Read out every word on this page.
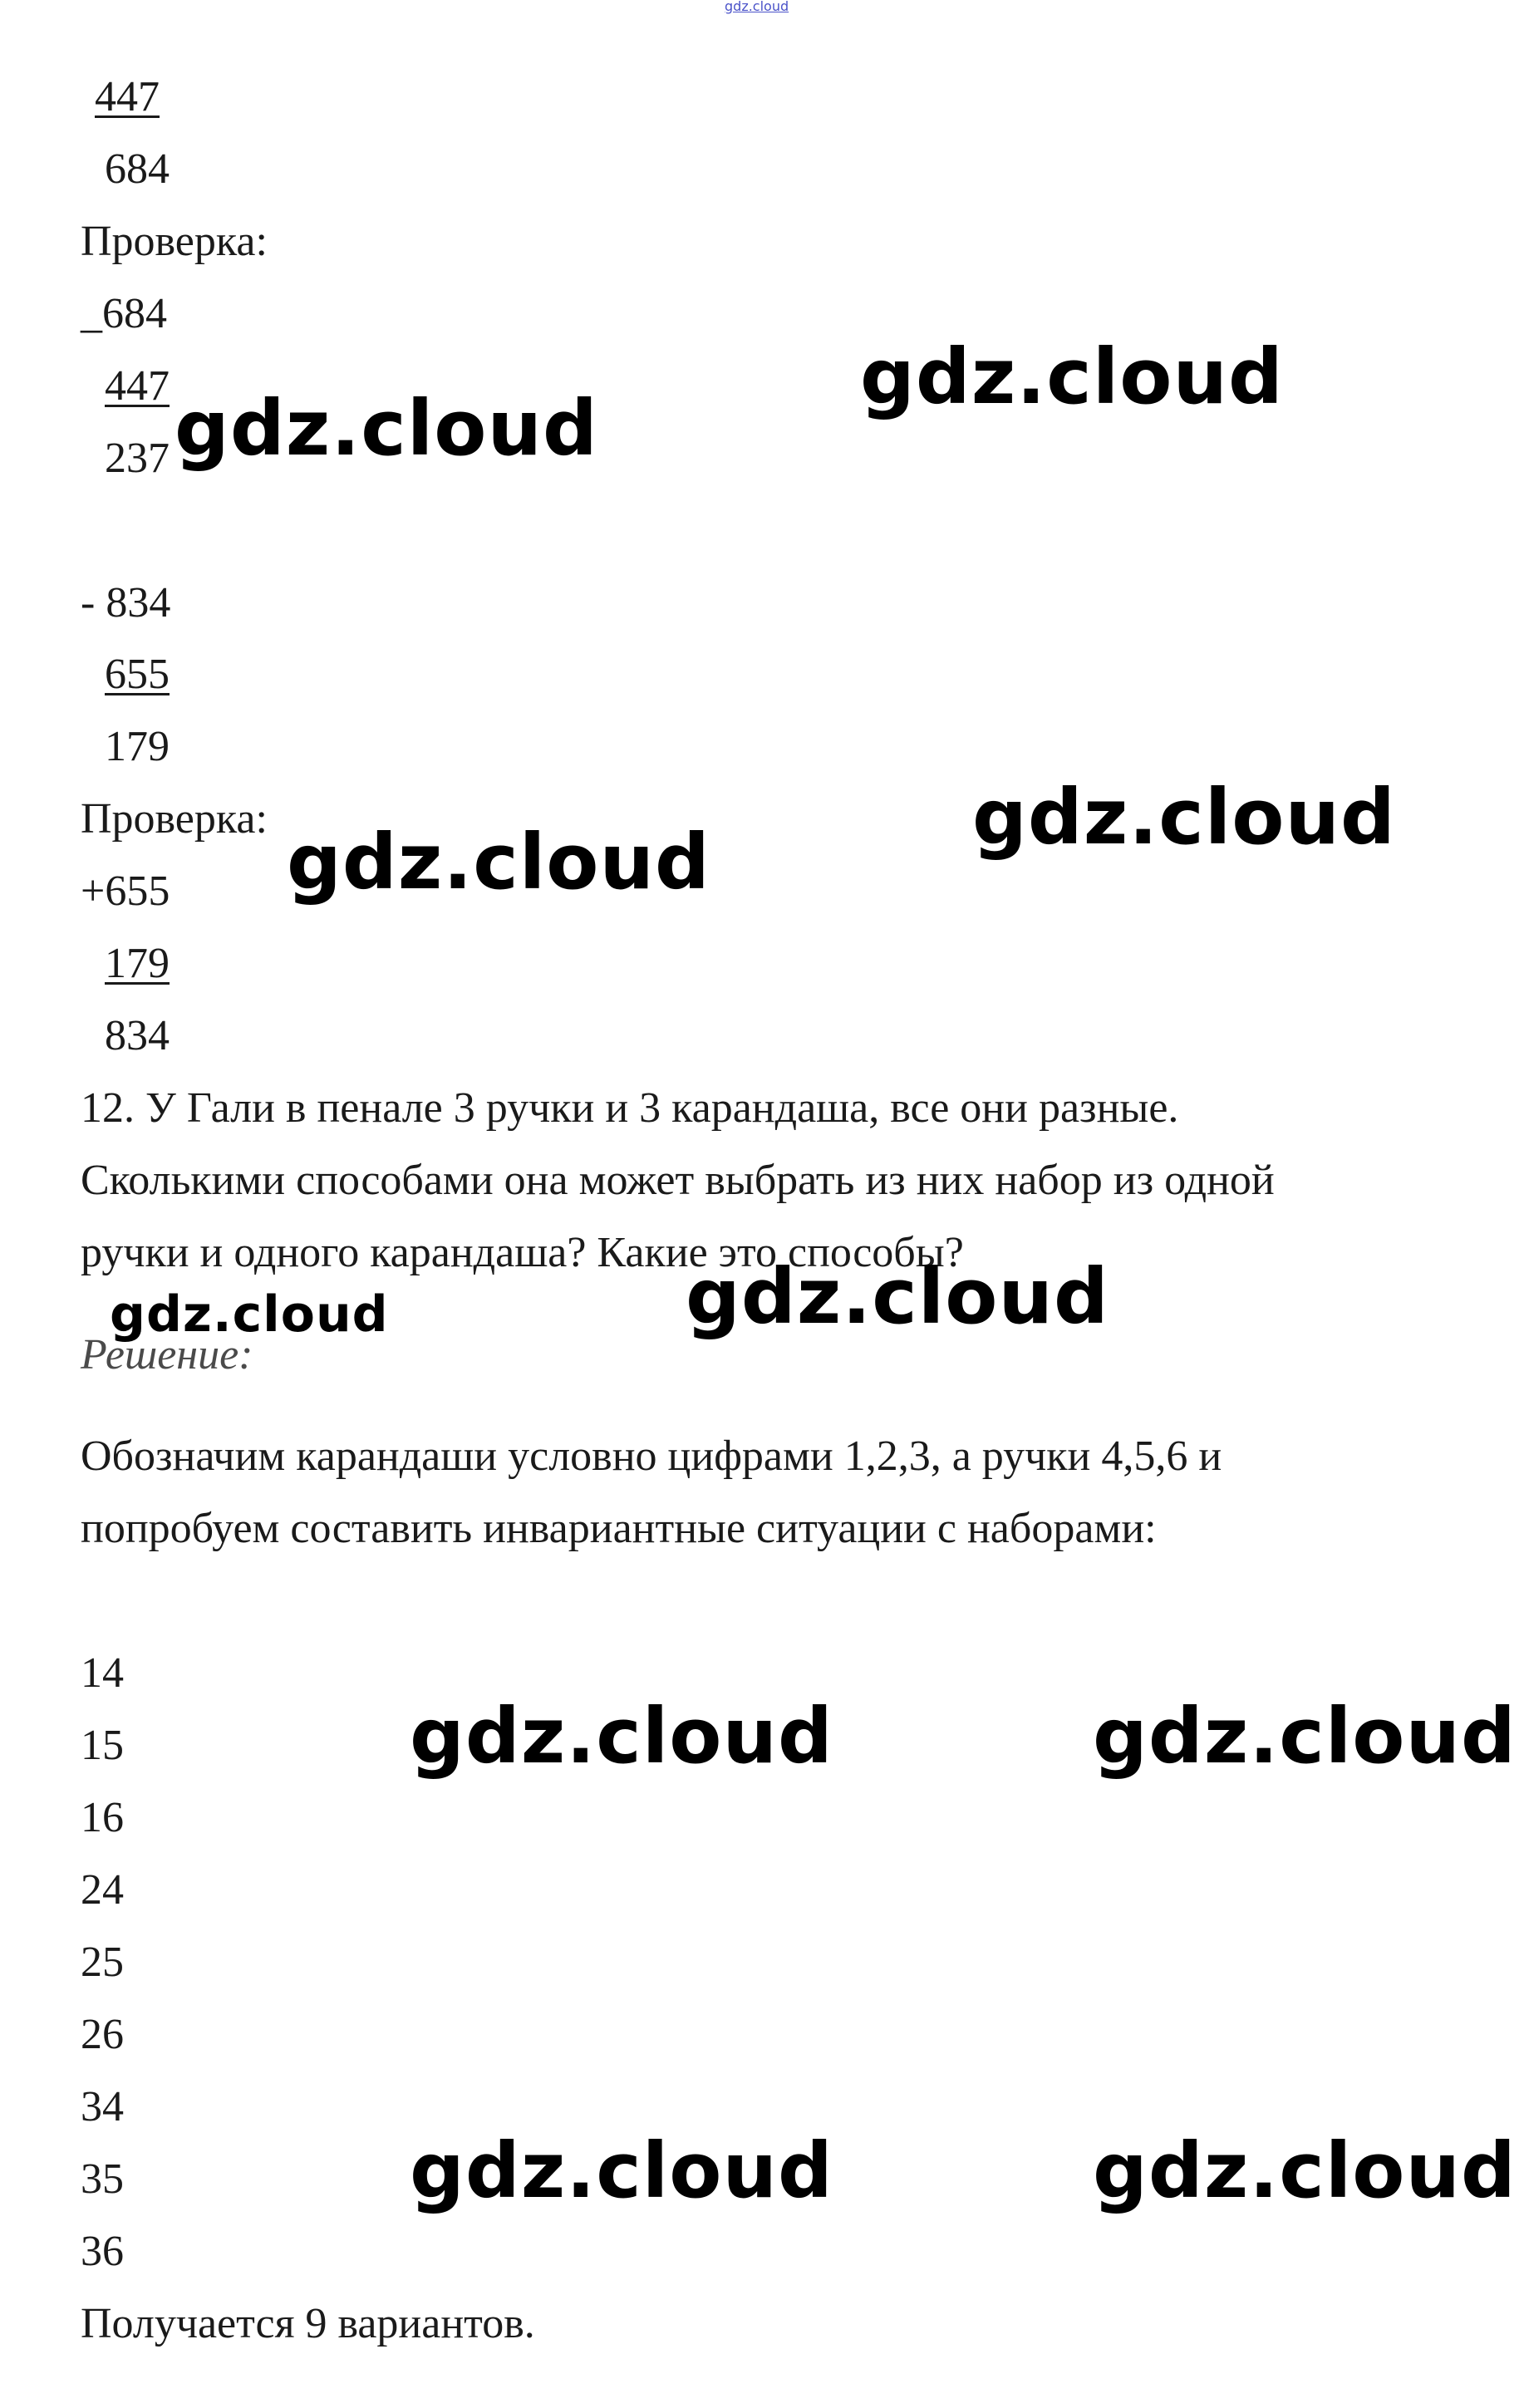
gdz.cloud
447
684
Проверка:
_684
447
237
- 834
655
179
Проверка:
+655
179
834
12. У Гали в пенале 3 ручки и 3 карандаша, все они разные.
Сколькими способами она может выбрать из них набор из одной
ручки и одного карандаша? Какие это способы?
Решение:
Обозначим карандаши условно цифрами 1,2,3, а ручки 4,5,6 и
попробуем составить инвариантные ситуации с наборами:
14
15
16
24
25
26
34
35
36
Получается 9 вариантов.
gdz.cloud
gdz.cloud
gdz.cloud
gdz.cloud
gdz.cloud	gdz.cloud
gdz.cloud	gdz.cloud
gdz.cloud	gdz.cloud
